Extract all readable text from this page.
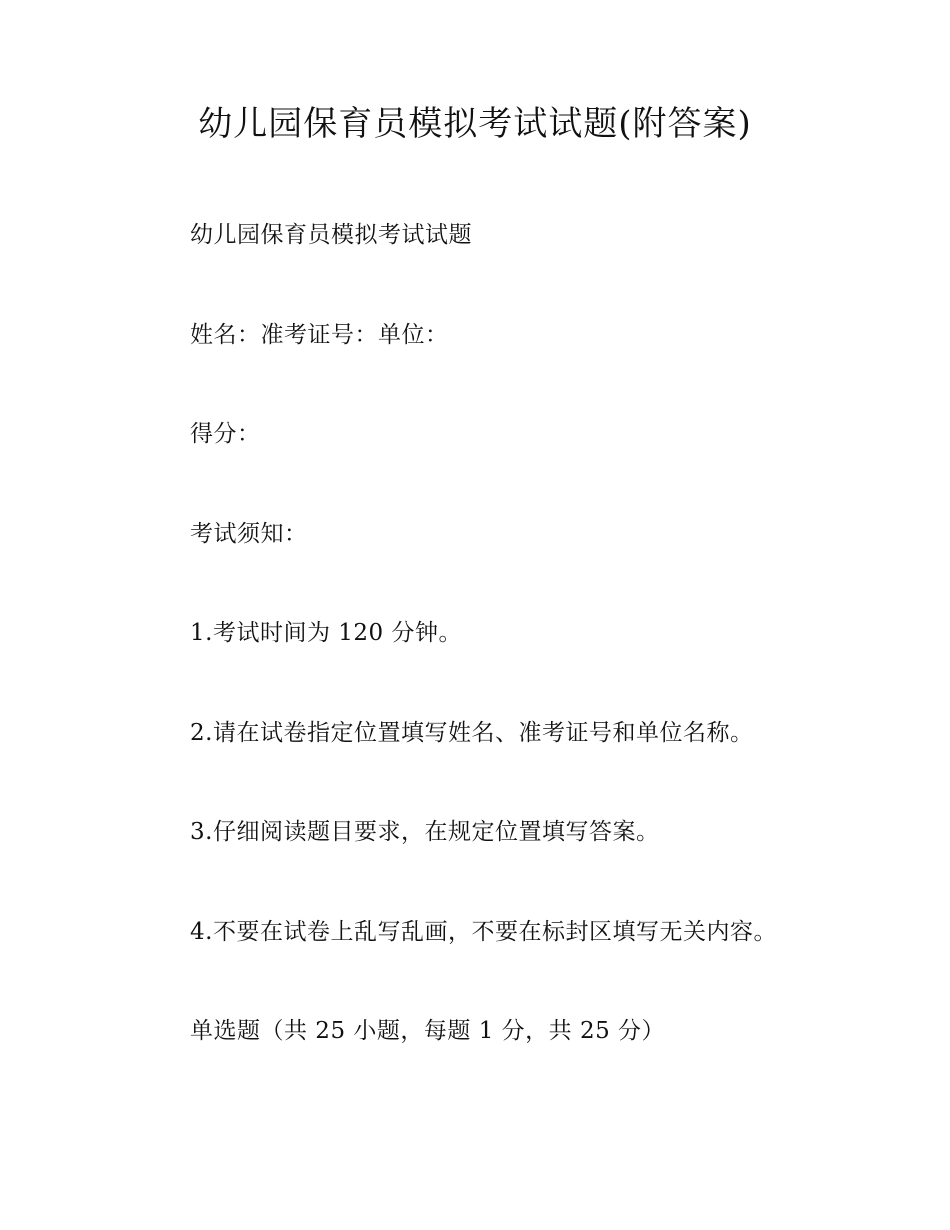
幼儿园保育员模拟考试试题(附答案)
幼儿园保育员模拟考试试题
姓名：准考证号：单位：
得分：
考试须知：
1.考试时间为 120 分钟。
2.请在试卷指定位置填写姓名、准考证号和单位名称。
3.仔细阅读题目要求，在规定位置填写答案。
4.不要在试卷上乱写乱画，不要在标封区填写无关内容。
单选题（共 25 小题，每题 1 分，共 25 分）
